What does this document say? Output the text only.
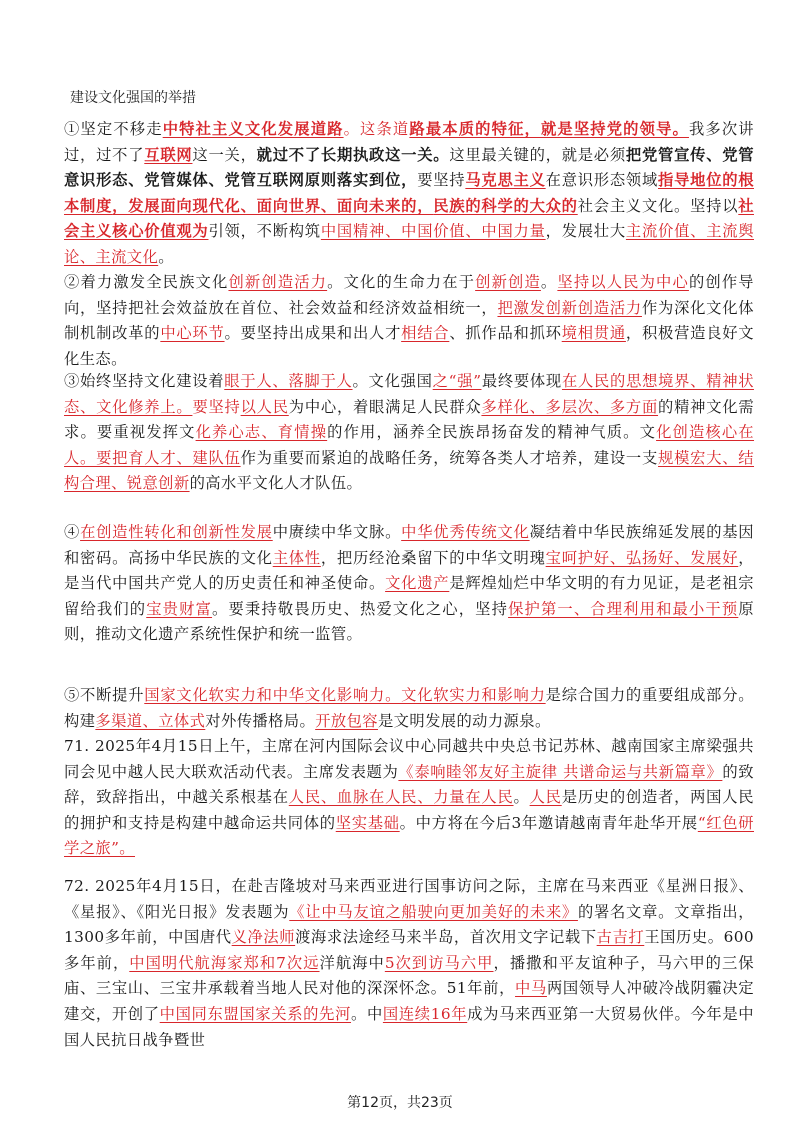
建设文化强国的举措
①坚定不移走中特社主义文化发展道路。这条道路最本质的特征，就是坚持党的领导。我多次讲过，过不了互联网这一关，就过不了长期执政这一关。这里最关键的，就是必须把党管宣传、党管意识形态、党管媒体、党管互联网原则落实到位，要坚持马克思主义在意识形态领域指导地位的根本制度，发展面向现代化、面向世界、面向未来的，民族的科学的大众的社会主义文化。坚持以社会主义核心价值观为引领，不断构筑中国精神、中国价值、中国力量，发展壮大主流价值、主流舆论、主流文化。
②着力激发全民族文化创新创造活力。文化的生命力在于创新创造。坚持以人民为中心的创作导向，坚持把社会效益放在首位、社会效益和经济效益相统一，把激发创新创造活力作为深化文化体制机制改革的中心环节。要坚持出成果和出人才相结合、抓作品和抓环境相贯通，积极营造良好文化生态。
③始终坚持文化建设着眼于人、落脚于人。文化强国之“强”最终要体现在人民的思想境界、精神状态、文化修养上。要坚持以人民为中心，着眼满足人民群众多样化、多层次、多方面的精神文化需求。要重视发挥文化养心志、育情操的作用，涵养全民族昂扬奋发的精神气质。文化创造核心在人。要把育人才、建队伍作为重要而紧迫的战略任务，统筹各类人才培养，建设一支规模宏大、结构合理、锐意创新的高水平文化人才队伍。
④在创造性转化和创新性发展中赓续中华文脉。中华优秀传统文化凝结着中华民族绵延发展的基因和密码。高扬中华民族的文化主体性，把历经沧桑留下的中华文明瑰宝呵护好、弘扬好、发展好，是当代中国共产党人的历史责任和神圣使命。文化遗产是辉煌灿烂中华文明的有力见证，是老祖宗留给我们的宝贵财富。要秉持敬畏历史、热爱文化之心，坚持保护第一、合理利用和最小干预原则，推动文化遗产系统性保护和统一监管。
⑤不断提升国家文化软实力和中华文化影响力。文化软实力和影响力是综合国力的重要组成部分。构建多渠道、立体式对外传播格局。开放包容是文明发展的动力源泉。
71. 2025年4月15日上午，主席在河内国际会议中心同越共中央总书记苏林、越南国家主席梁强共同会见中越人民大联欢活动代表。主席发表题为《泰响睦邻友好主旋律 共谱命运与共新篇章》的致辞，致辞指出，中越关系根基在人民、血脉在人民、力量在人民。人民是历史的创造者，两国人民的拥护和支持是构建中越命运共同体的坚实基础。中方将在今后3年邀请越南青年赴华开展“红色研学之旅”。
72. 2025年4月15日，在赴吉隆坡对马来西亚进行国事访问之际，主席在马来西亚《星洲日报》、《星报》、《阳光日报》发表题为《让中马友谊之船驶向更加美好的未来》的署名文章。文章指出，1300多年前，中国唐代义净法师渡海求法途经马来半岛，首次用文字记载下古吉打王国历史。600多年前，中国明代航海家郑和7次远洋航海中5次到访马六甲，播撒和平友谊种子，马六甲的三保庙、三宝山、三宝井承载着当地人民对他的深深怀念。51年前，中马两国领导人冲破冷战阴霾决定建交，开创了中国同东盟国家关系的先河。中国连续16年成为马来西亚第一大贸易伙伴。今年是中国人民抗日战争暨世
第12页，共23页
